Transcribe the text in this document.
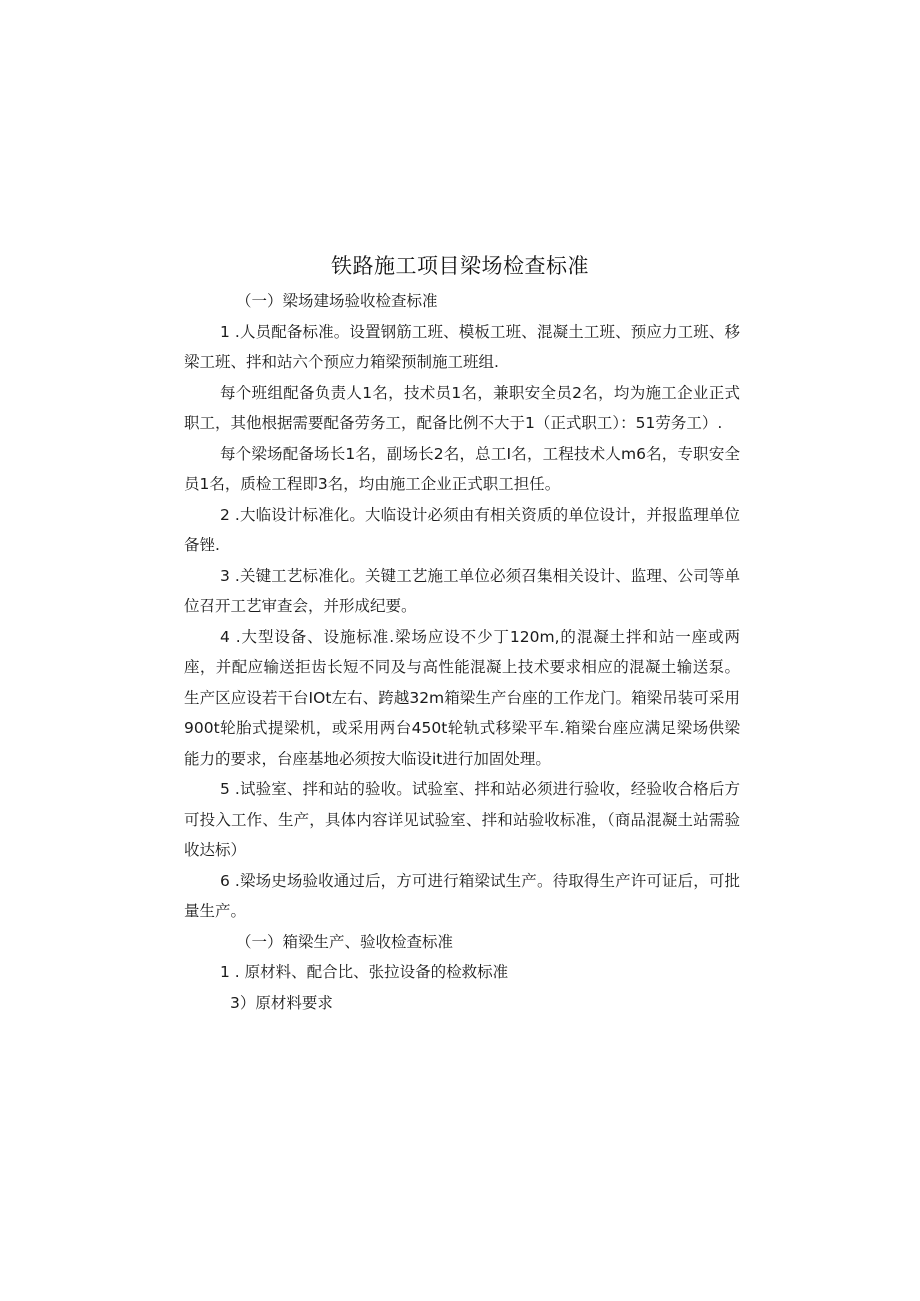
铁路施工项目梁场检查标准

（一）梁场建场验收检查标准

1 .人员配备标准。设置钢筋工班、模板工班、混凝土工班、预应力工班、移梁工班、拌和站六个预应力箱梁预制施工班组.

每个班组配备负责人1名，技术员1名，兼职安全员2名，均为施工企业正式职工，其他根据需要配备劳务工，配备比例不大于1（正式职工）：51劳务工）.

每个梁场配备场长1名，副场长2名，总工I名，工程技术人m6名，专职安全员1名，质检工程即3名，均由施工企业正式职工担任。

2 .大临设计标准化。大临设计必须由有相关资质的单位设计，并报监理单位备锉.

3 .关键工艺标准化。关键工艺施工单位必须召集相关设计、监理、公司等单位召开工艺审查会，并形成纪要。

4 .大型设备、设施标准.梁场应设不少丁120m,的混凝土拌和站一座或两座，并配应输送拒齿长短不同及与高性能混凝上技术要求相应的混凝土输送泵。生产区应设若干台IOt左右、跨越32m箱梁生产台座的工作龙门。箱梁吊装可采用900t轮胎式提梁机，或采用两台450t轮轨式移梁平车.箱梁台座应满足梁场供梁能力的要求，台座基地必须按大临设it进行加固处理。

5 .试验室、拌和站的验收。试验室、拌和站必须进行验收，经验收合格后方可投入工作、生产，具体内容详见试验室、拌和站验收标准，（商品混凝土站需验收达标）

6 .梁场史场验收通过后，方可进行箱梁试生产。待取得生产许可证后，可批量生产。

（一）箱梁生产、验收检查标准

1 . 原材料、配合比、张拉设备的检救标准

3）原材料要求
